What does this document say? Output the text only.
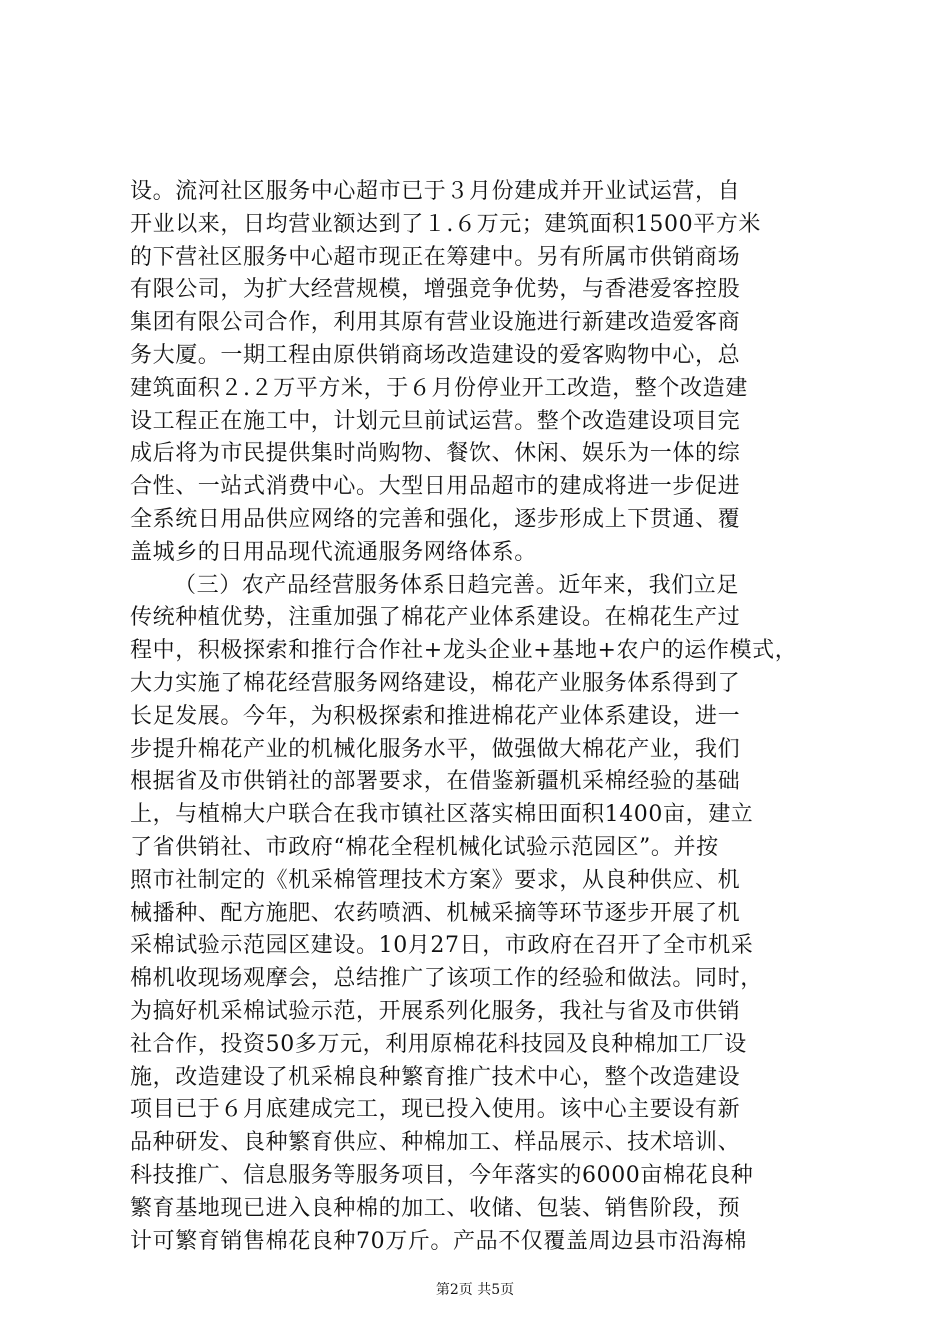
设。流河社区服务中心超市已于３月份建成并开业试运营，自
开业以来，日均营业额达到了１.６万元；建筑面积1500平方米
的下营社区服务中心超市现正在筹建中。另有所属市供销商场
有限公司，为扩大经营规模，增强竞争优势，与香港爱客控股
集团有限公司合作，利用其原有营业设施进行新建改造爱客商
务大厦。一期工程由原供销商场改造建设的爱客购物中心，总
建筑面积２.２万平方米，于６月份停业开工改造，整个改造建
设工程正在施工中，计划元旦前试运营。整个改造建设项目完
成后将为市民提供集时尚购物、餐饮、休闲、娱乐为一体的综
合性、一站式消费中心。大型日用品超市的建成将进一步促进
全系统日用品供应网络的完善和强化，逐步形成上下贯通、覆
盖城乡的日用品现代流通服务网络体系。
（三）农产品经营服务体系日趋完善。近年来，我们立足
传统种植优势，注重加强了棉花产业体系建设。在棉花生产过
程中，积极探索和推行合作社+龙头企业+基地+农户的运作模式，
大力实施了棉花经营服务网络建设，棉花产业服务体系得到了
长足发展。今年，为积极探索和推进棉花产业体系建设，进一
步提升棉花产业的机械化服务水平，做强做大棉花产业，我们
根据省及市供销社的部署要求，在借鉴新疆机采棉经验的基础
上，与植棉大户联合在我市镇社区落实棉田面积1400亩，建立
了省供销社、市政府“棉花全程机械化试验示范园区”。并按
照市社制定的《机采棉管理技术方案》要求，从良种供应、机
械播种、配方施肥、农药喷洒、机械采摘等环节逐步开展了机
采棉试验示范园区建设。10月27日，市政府在召开了全市机采
棉机收现场观摩会，总结推广了该项工作的经验和做法。同时，
为搞好机采棉试验示范，开展系列化服务，我社与省及市供销
社合作，投资50多万元，利用原棉花科技园及良种棉加工厂设
施，改造建设了机采棉良种繁育推广技术中心，整个改造建设
项目已于６月底建成完工，现已投入使用。该中心主要设有新
品种研发、良种繁育供应、种棉加工、样品展示、技术培训、
科技推广、信息服务等服务项目，今年落实的6000亩棉花良种
繁育基地现已进入良种棉的加工、收储、包装、销售阶段，预
计可繁育销售棉花良种70万斤。产品不仅覆盖周边县市沿海棉
第2页 共5页
